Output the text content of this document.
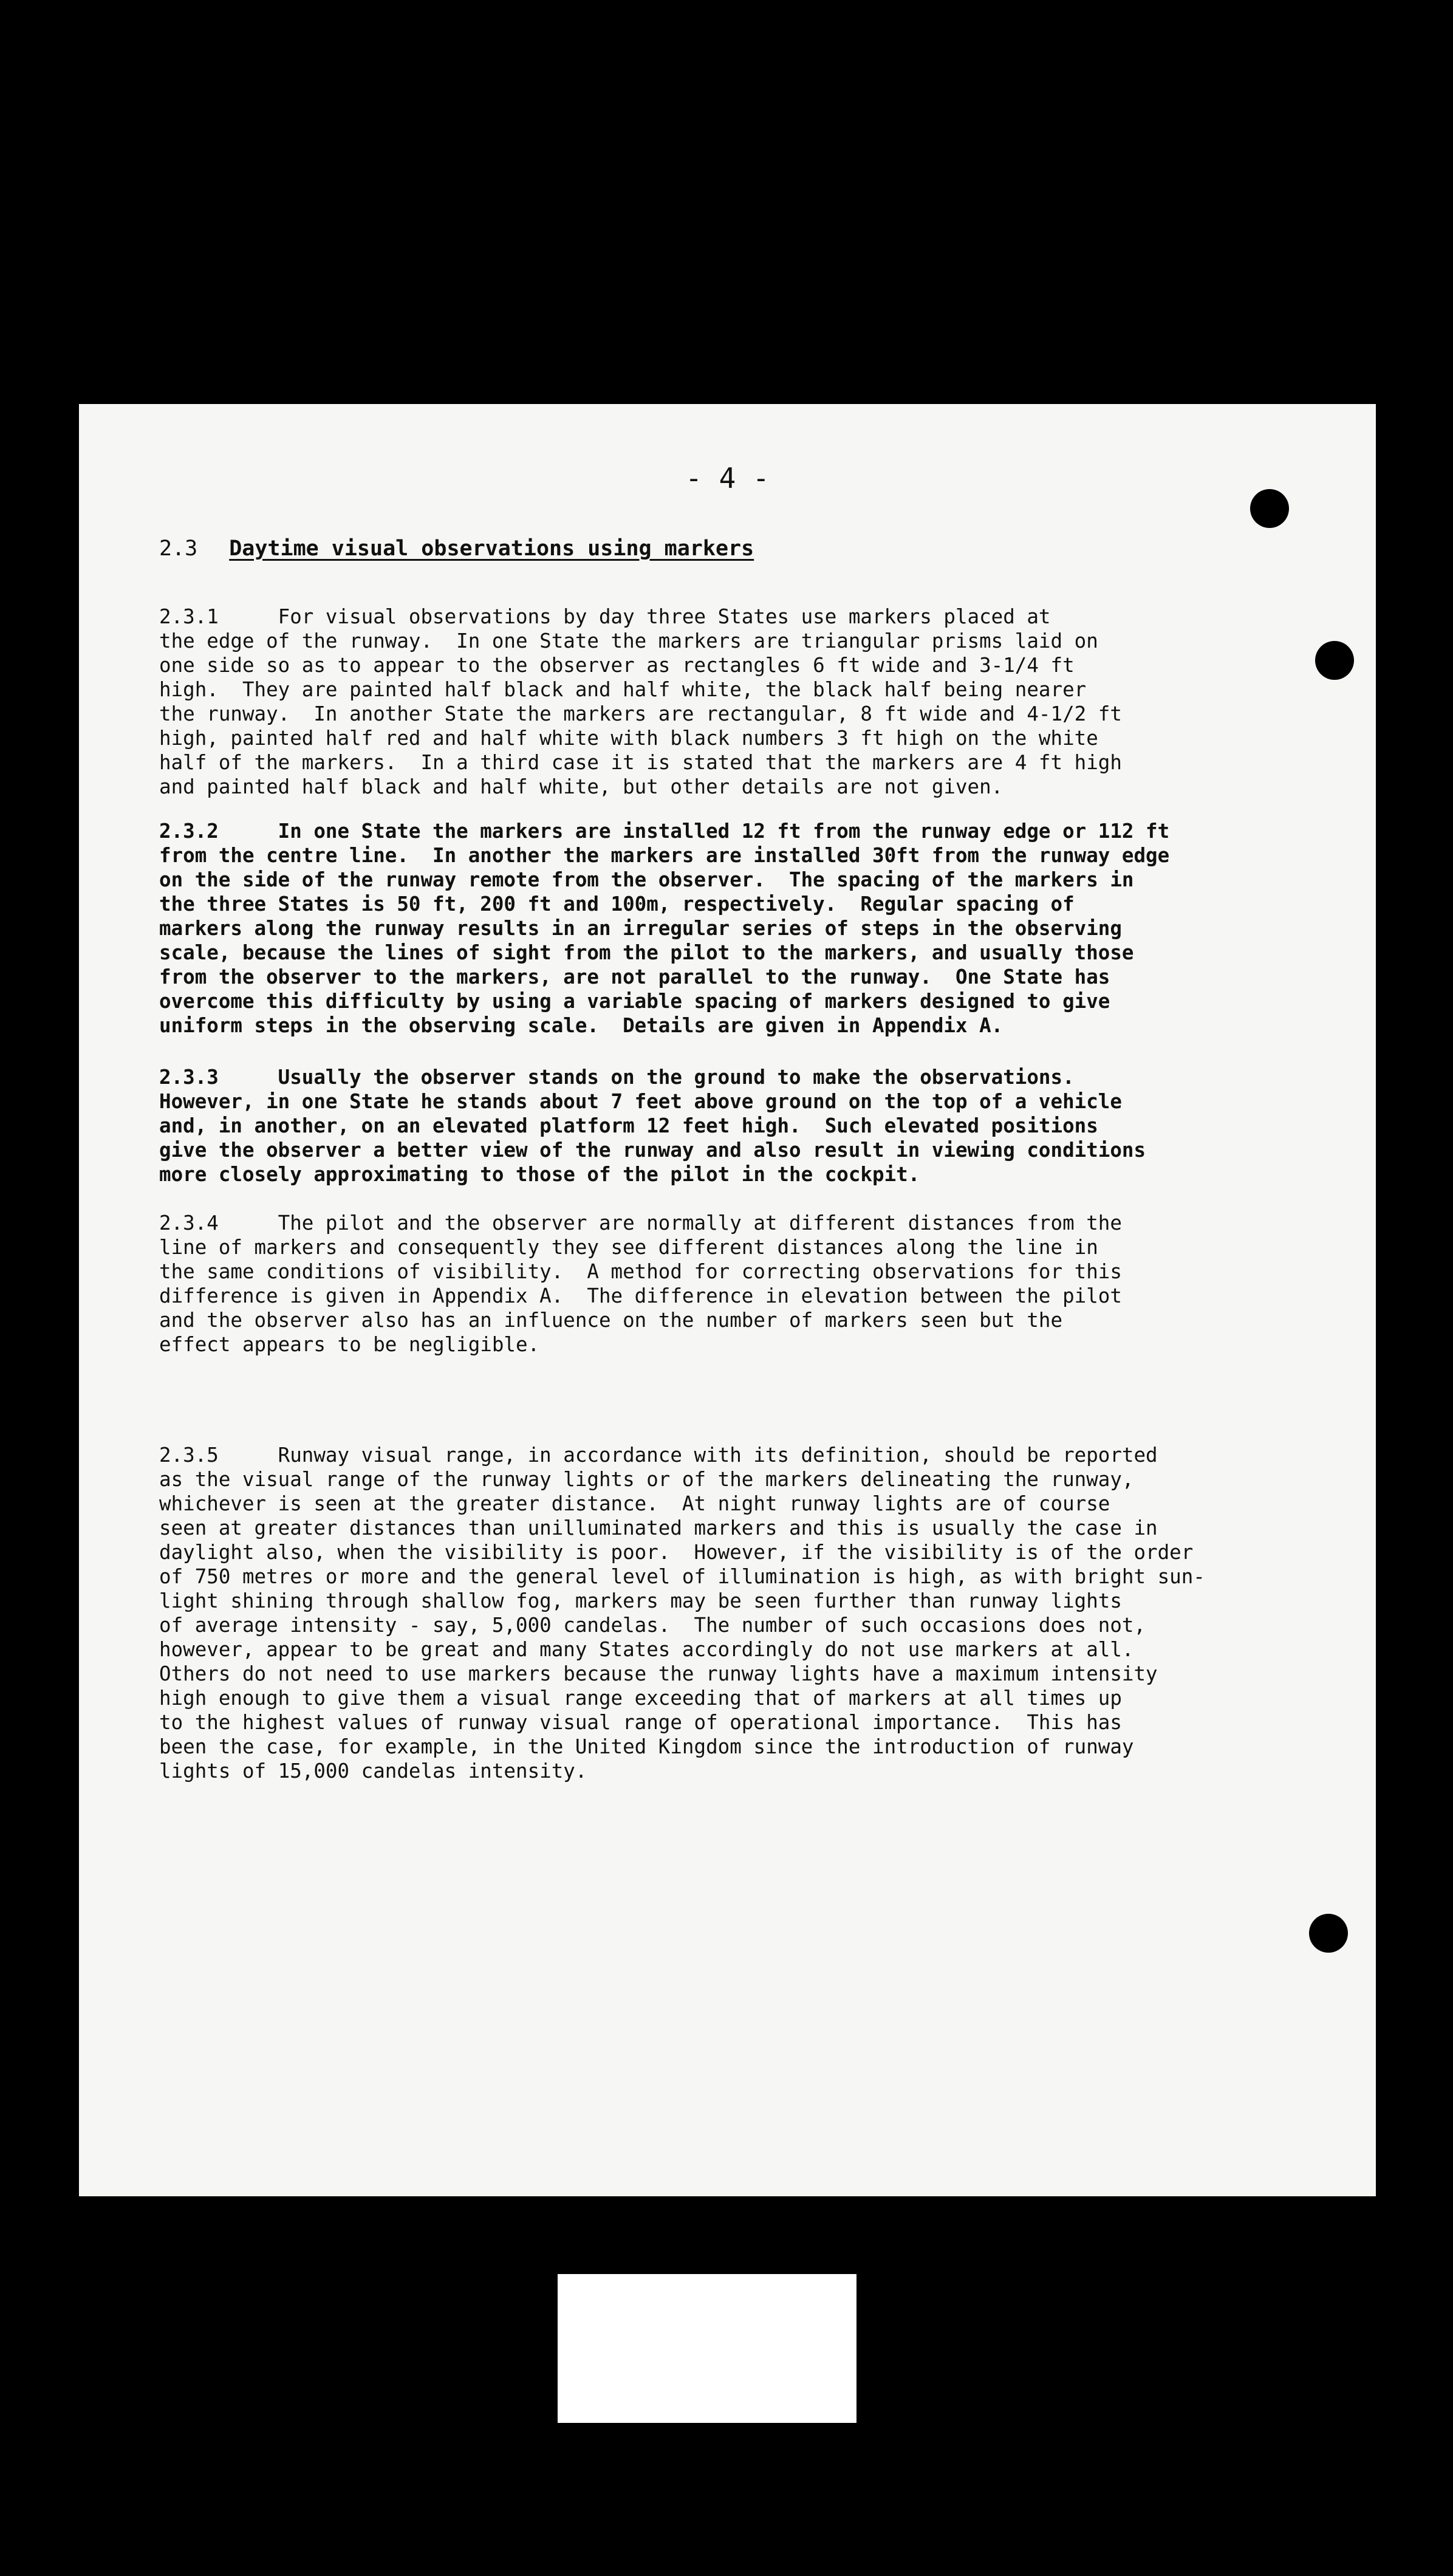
- 4 -
2.3 Daytime visual observations using markers

2.3.1     For visual observations by day three States use markers placed at

the edge of the runway.  In one State the markers are triangular prisms laid on

one side so as to appear to the observer as rectangles 6 ft wide and 3-1/4 ft

high.  They are painted half black and half white, the black half being nearer

the runway.  In another State the markers are rectangular, 8 ft wide and 4-1/2 ft

high, painted half red and half white with black numbers 3 ft high on the white

half of the markers.  In a third case it is stated that the markers are 4 ft high

and painted half black and half white, but other details are not given.

2.3.2     In one State the markers are installed 12 ft from the runway edge or 112 ft

from the centre line.  In another the markers are installed 30ft from the runway edge

on the side of the runway remote from the observer.  The spacing of the markers in

the three States is 50 ft, 200 ft and 100m, respectively.  Regular spacing of

markers along the runway results in an irregular series of steps in the observing

scale, because the lines of sight from the pilot to the markers, and usually those

from the observer to the markers, are not parallel to the runway.  One State has

overcome this difficulty by using a variable spacing of markers designed to give

uniform steps in the observing scale.  Details are given in Appendix A.

2.3.3     Usually the observer stands on the ground to make the observations.

However, in one State he stands about 7 feet above ground on the top of a vehicle

and, in another, on an elevated platform 12 feet high.  Such elevated positions

give the observer a better view of the runway and also result in viewing conditions

more closely approximating to those of the pilot in the cockpit.

2.3.4     The pilot and the observer are normally at different distances from the

line of markers and consequently they see different distances along the line in

the same conditions of visibility.  A method for correcting observations for this

difference is given in Appendix A.  The difference in elevation between the pilot

and the observer also has an influence on the number of markers seen but the

effect appears to be negligible.

2.3.5     Runway visual range, in accordance with its definition, should be reported

as the visual range of the runway lights or of the markers delineating the runway,

whichever is seen at the greater distance.  At night runway lights are of course

seen at greater distances than unilluminated markers and this is usually the case in

daylight also, when the visibility is poor.  However, if the visibility is of the order

of 750 metres or more and the general level of illumination is high, as with bright sun-

light shining through shallow fog, markers may be seen further than runway lights

of average intensity - say, 5,000 candelas.  The number of such occasions does not,

however, appear to be great and many States accordingly do not use markers at all.

Others do not need to use markers because the runway lights have a maximum intensity

high enough to give them a visual range exceeding that of markers at all times up

to the highest values of runway visual range of operational importance.  This has

been the case, for example, in the United Kingdom since the introduction of runway

lights of 15,000 candelas intensity.
